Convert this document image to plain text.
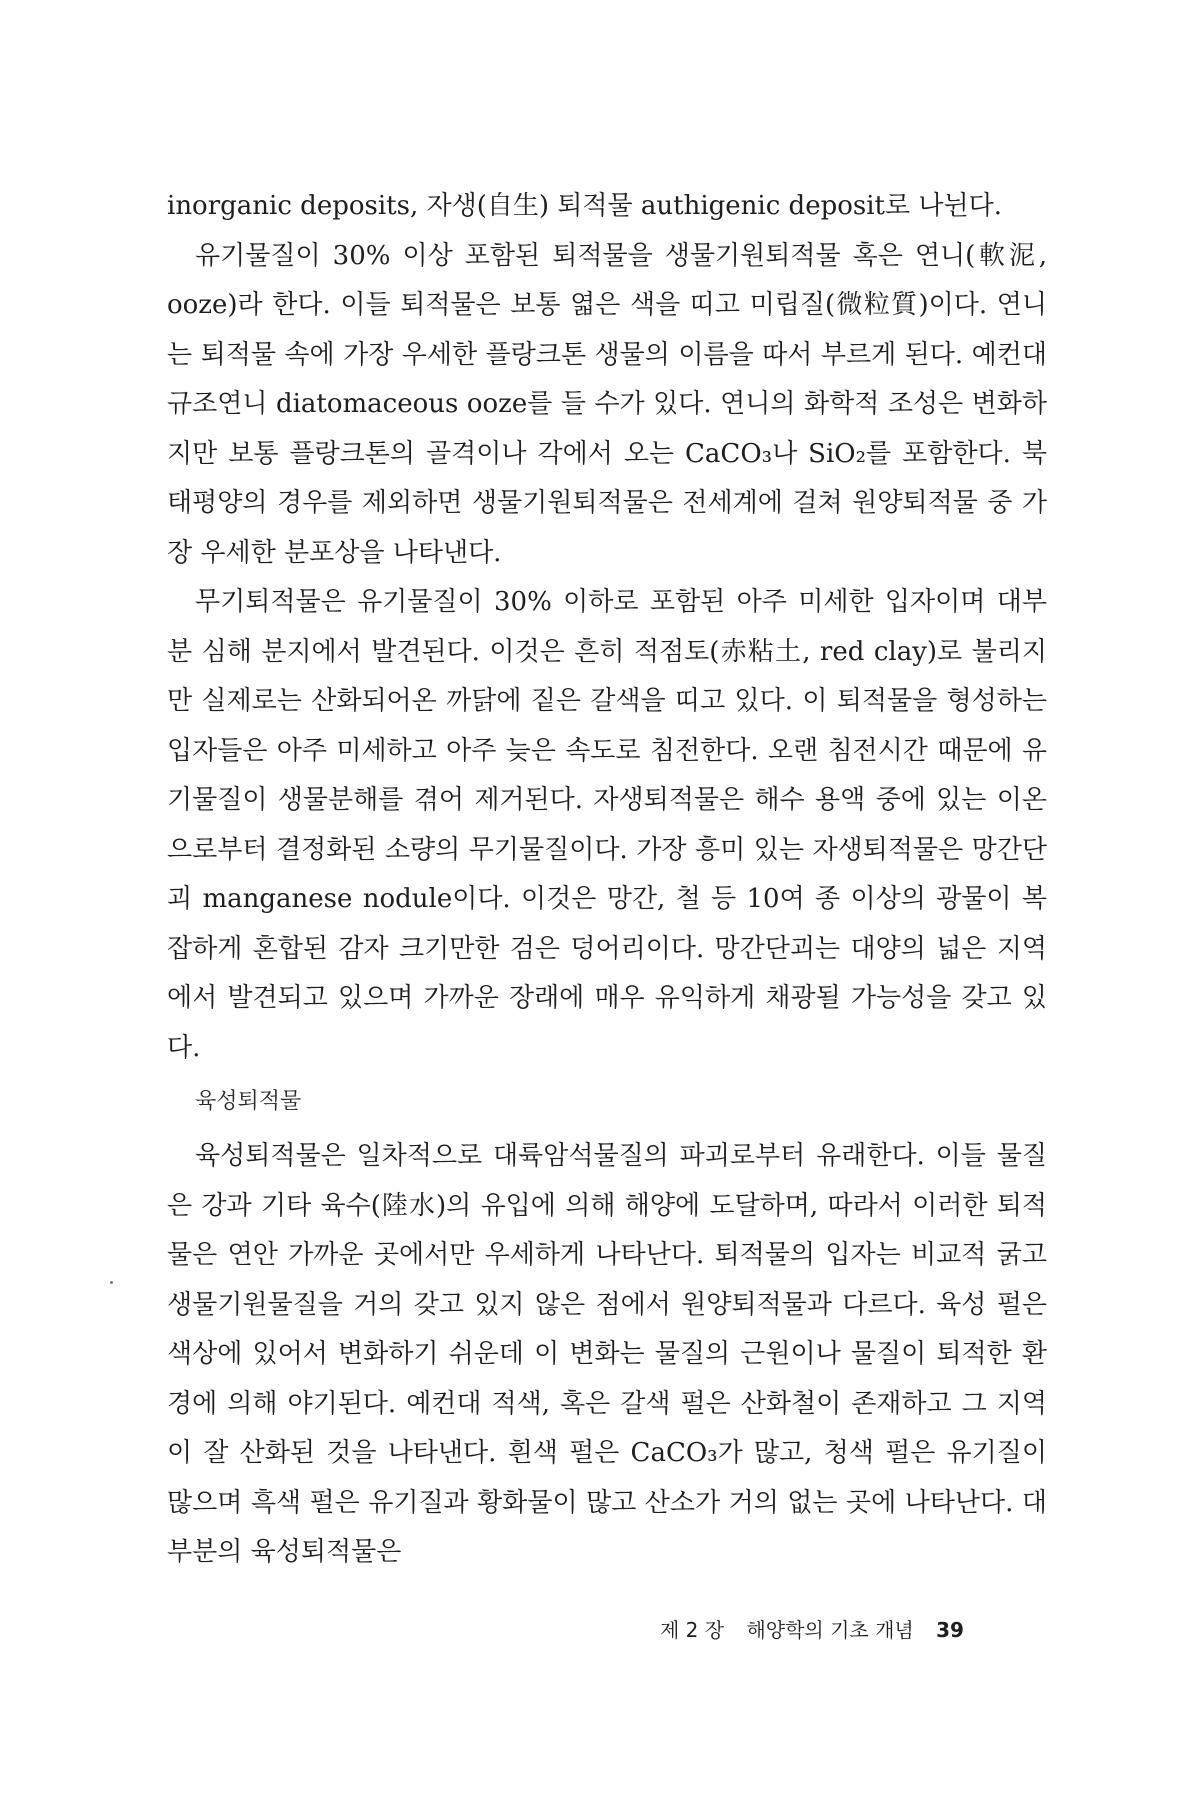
inorganic deposits, 자생(自生) 퇴적물 authigenic deposit로 나뉜다.

유기물질이 30% 이상 포함된 퇴적물을 생물기원퇴적물 혹은 연니(軟泥, ooze)라 한다. 이들 퇴적물은 보통 엷은 색을 띠고 미립질(微粒質)이다. 연니는 퇴적물 속에 가장 우세한 플랑크톤 생물의 이름을 따서 부르게 된다. 예컨대 규조연니 diatomaceous ooze를 들 수가 있다. 연니의 화학적 조성은 변화하지만 보통 플랑크톤의 골격이나 각에서 오는 CaCO₃나 SiO₂를 포함한다. 북태평양의 경우를 제외하면 생물기원퇴적물은 전세계에 걸쳐 원양퇴적물 중 가장 우세한 분포상을 나타낸다.

무기퇴적물은 유기물질이 30% 이하로 포함된 아주 미세한 입자이며 대부분 심해 분지에서 발견된다. 이것은 흔히 적점토(赤粘土, red clay)로 불리지만 실제로는 산화되어온 까닭에 짙은 갈색을 띠고 있다. 이 퇴적물을 형성하는 입자들은 아주 미세하고 아주 늦은 속도로 침전한다. 오랜 침전시간 때문에 유기물질이 생물분해를 겪어 제거된다. 자생퇴적물은 해수 용액 중에 있는 이온으로부터 결정화된 소량의 무기물질이다. 가장 흥미 있는 자생퇴적물은 망간단괴 manganese nodule이다. 이것은 망간, 철 등 10여 종 이상의 광물이 복잡하게 혼합된 감자 크기만한 검은 덩어리이다. 망간단괴는 대양의 넓은 지역에서 발견되고 있으며 가까운 장래에 매우 유익하게 채광될 가능성을 갖고 있다.

육성퇴적물

육성퇴적물은 일차적으로 대륙암석물질의 파괴로부터 유래한다. 이들 물질은 강과 기타 육수(陸水)의 유입에 의해 해양에 도달하며, 따라서 이러한 퇴적물은 연안 가까운 곳에서만 우세하게 나타난다. 퇴적물의 입자는 비교적 굵고 생물기원물질을 거의 갖고 있지 않은 점에서 원양퇴적물과 다르다. 육성 펄은 색상에 있어서 변화하기 쉬운데 이 변화는 물질의 근원이나 물질이 퇴적한 환경에 의해 야기된다. 예컨대 적색, 혹은 갈색 펄은 산화철이 존재하고 그 지역이 잘 산화된 것을 나타낸다. 흰색 펄은 CaCO₃가 많고, 청색 펄은 유기질이 많으며 흑색 펄은 유기질과 황화물이 많고 산소가 거의 없는 곳에 나타난다. 대부분의 육성퇴적물은

제 2 장 해양학의 기초 개념 39
